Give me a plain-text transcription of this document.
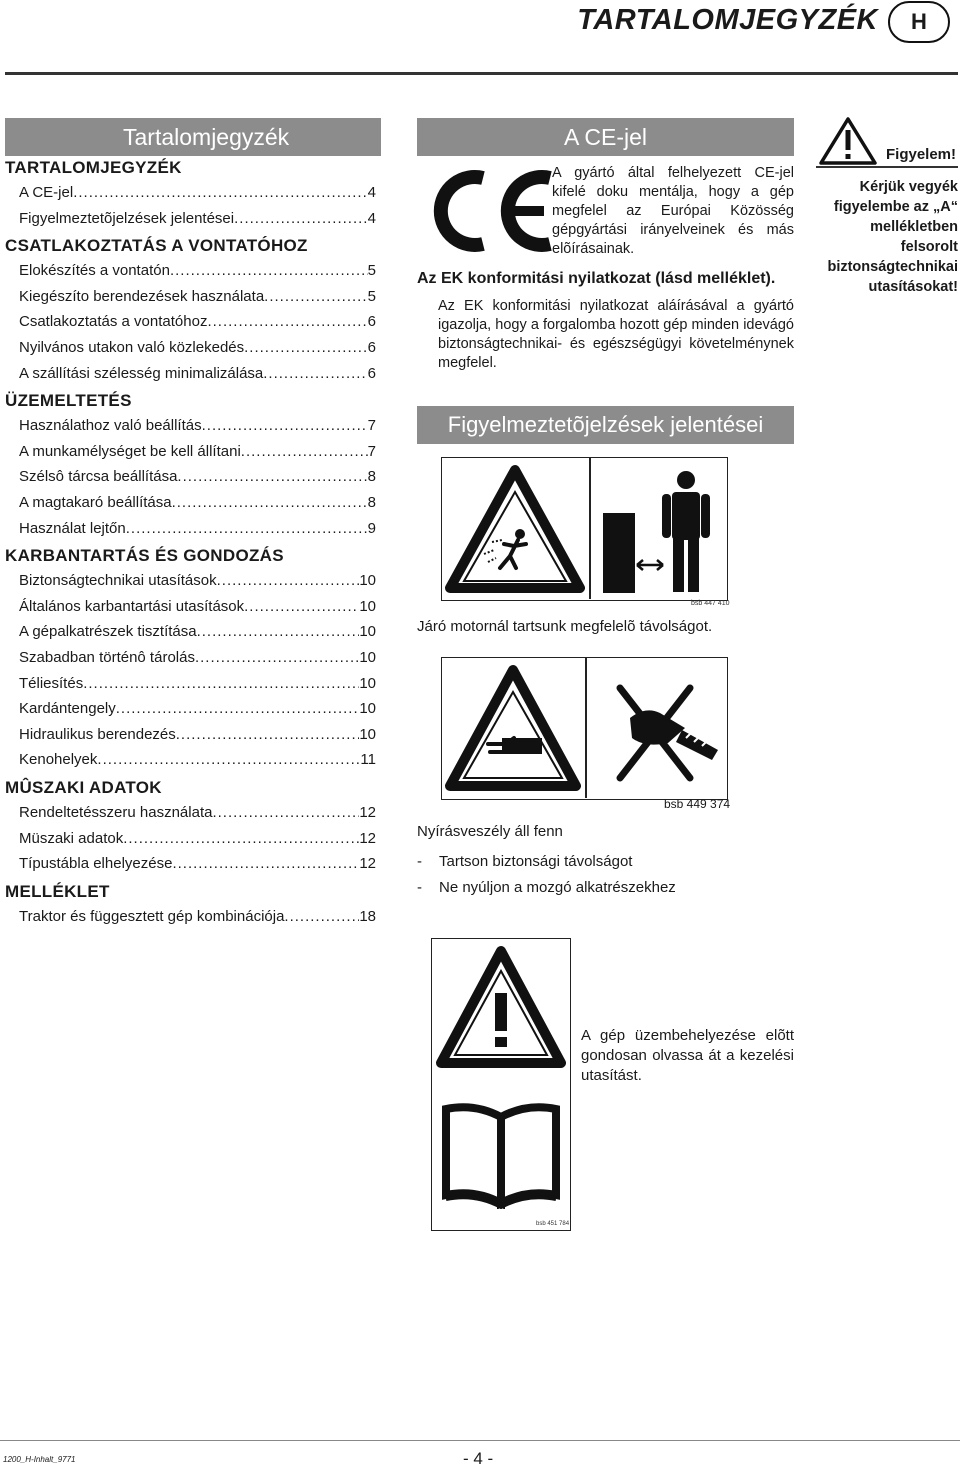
TARTALOMJEGYZÉK	H
Tartalomjegyzék
TARTALOMJEGYZÉK
A CE-jel .....	4
Figyelmeztetõjelzések jelentései .....	4
CSATLAKOZTATÁS A VONTATÓHOZ
Elokészítés a vontatón .....	5
Kiegészíto berendezések használata .....	5
Csatlakoztatás a vontatóhoz .....	6
Nyilvános utakon való közlekedés .....	6
A szállítási szélesség minimalizálása .....	6
ÜZEMELTETÉS
Használathoz való beállítás .....	7
A munkamélységet be kell állítani .....	7
Szélsô tárcsa beállítása .....	8
A magtakaró beállítása .....	8
Használat lejtőn .....	9
KARBANTARTÁS ÉS GONDOZÁS
Biztonságtechnikai utasítások .....	10
Általános karbantartási utasítások .....	10
A gépalkatrészek tisztítása .....	10
Szabadban történô tárolás .....	10
Téliesítés .....	10
Kardántengely .....	10
Hidraulikus berendezés .....	10
Kenohelyek .....	11
MÛSZAKI ADATOK
Rendeltetésszeru használata .....	12
Müszaki adatok .....	12
Típustábla elhelyezése .....	12
MELLÉKLET
Traktor és függesztett gép kombinációja .....	18
A CE-jel
A gyártó által felhelyezett CE-jel kifelé doku mentálja, hogy a gép megfelel az Európai Közösség gépgyártási irányelveinek és más elõírásainak.
Az EK konformitási nyilatkozat (lásd melléklet).
Az EK konformitási nyilatkozat aláírásával a gyártó igazolja, hogy a forgalomba hozott gép minden idevágó biztonságtechnikai- és egészségügyi követelménynek megfelel.
Figyelem!
Kérjük vegyék figyelembe az „A“ mellékletben felsorolt biztonságtechnikai utasításokat!
Figyelmeztetõjelzések jelentései
bsb 447 410
Járó motornál tartsunk megfelelõ távolságot.
bsb 449 374
Nyírásveszély áll fenn
- Tartson biztonsági távolságot
- Ne nyúljon a mozgó alkatrészekhez
bsb 451 784
A gép üzembehelyezése elõtt gondosan olvassa át a kezelési utasítást.
1200_H-Inhalt_9771	- 4 -
